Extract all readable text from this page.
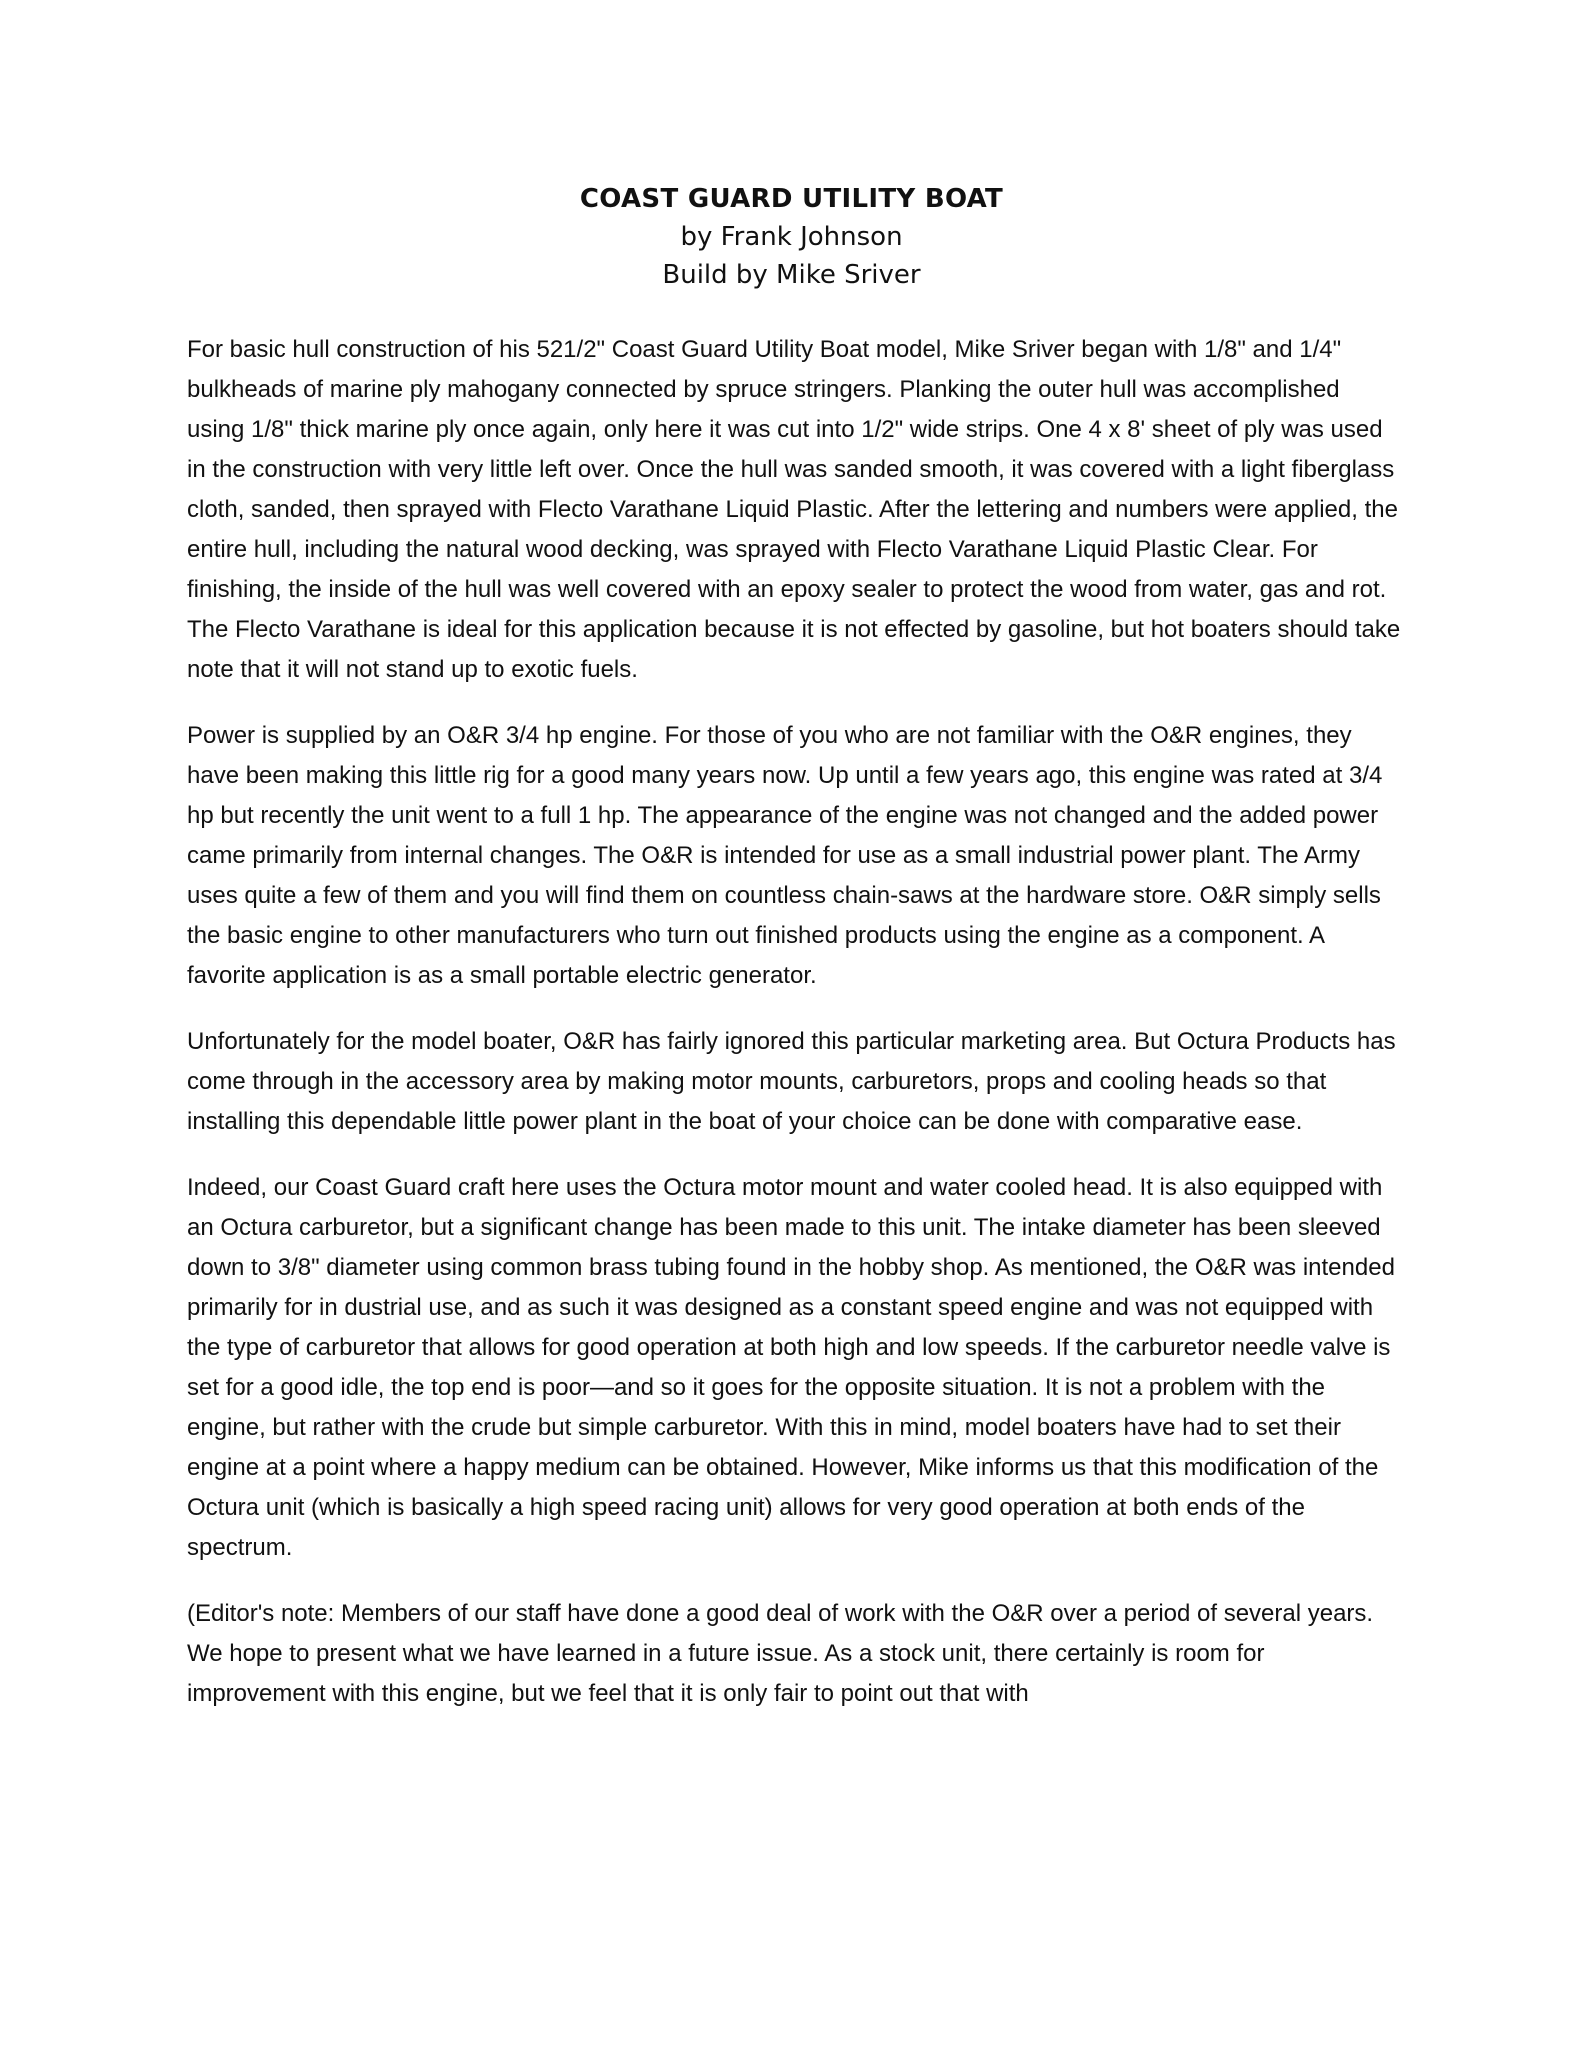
COAST GUARD UTILITY BOAT
by Frank Johnson
Build by Mike Sriver

For basic hull construction of his 521/2" Coast Guard Utility Boat model, Mike Sriver began with 1/8" and 1/4" bulkheads of marine ply mahogany connected by spruce stringers. Planking the outer hull was accomplished using 1/8" thick marine ply once again, only here it was cut into 1/2" wide strips. One 4 x 8' sheet of ply was used in the construction with very little left over. Once the hull was sanded smooth, it was covered with a light fiberglass cloth, sanded, then sprayed with Flecto Varathane Liquid Plastic. After the lettering and numbers were applied, the entire hull, including the natural wood decking, was sprayed with Flecto Varathane Liquid Plastic Clear. For finishing, the inside of the hull was well covered with an epoxy sealer to protect the wood from water, gas and rot. The Flecto Varathane is ideal for this application because it is not effected by gasoline, but hot boaters should take note that it will not stand up to exotic fuels.

Power is supplied by an O&R 3/4 hp engine. For those of you who are not familiar with the O&R engines, they have been making this little rig for a good many years now. Up until a few years ago, this engine was rated at 3/4 hp but recently the unit went to a full 1 hp. The appearance of the engine was not changed and the added power came primarily from internal changes. The O&R is intended for use as a small industrial power plant. The Army uses quite a few of them and you will find them on countless chain-saws at the hardware store. O&R simply sells the basic engine to other manufacturers who turn out finished products using the engine as a component. A favorite application is as a small portable electric generator.

Unfortunately for the model boater, O&R has fairly ignored this particular marketing area. But Octura Products has come through in the accessory area by making motor mounts, carburetors, props and cooling heads so that installing this dependable little power plant in the boat of your choice can be done with comparative ease.

Indeed, our Coast Guard craft here uses the Octura motor mount and water cooled head. It is also equipped with an Octura carburetor, but a significant change has been made to this unit. The intake diameter has been sleeved down to 3/8" diameter using common brass tubing found in the hobby shop. As mentioned, the O&R was intended primarily for in dustrial use, and as such it was designed as a constant speed engine and was not equipped with the type of carburetor that allows for good operation at both high and low speeds. If the carburetor needle valve is set for a good idle, the top end is poor—and so it goes for the opposite situation. It is not a problem with the engine, but rather with the crude but simple carburetor. With this in mind, model boaters have had to set their engine at a point where a happy medium can be obtained. However, Mike informs us that this modification of the Octura unit (which is basically a high speed racing unit) allows for very good operation at both ends of the spectrum.

(Editor's note: Members of our staff have done a good deal of work with the O&R over a period of several years. We hope to present what we have learned in a future issue. As a stock unit, there certainly is room for improvement with this engine, but we feel that it is only fair to point out that with
